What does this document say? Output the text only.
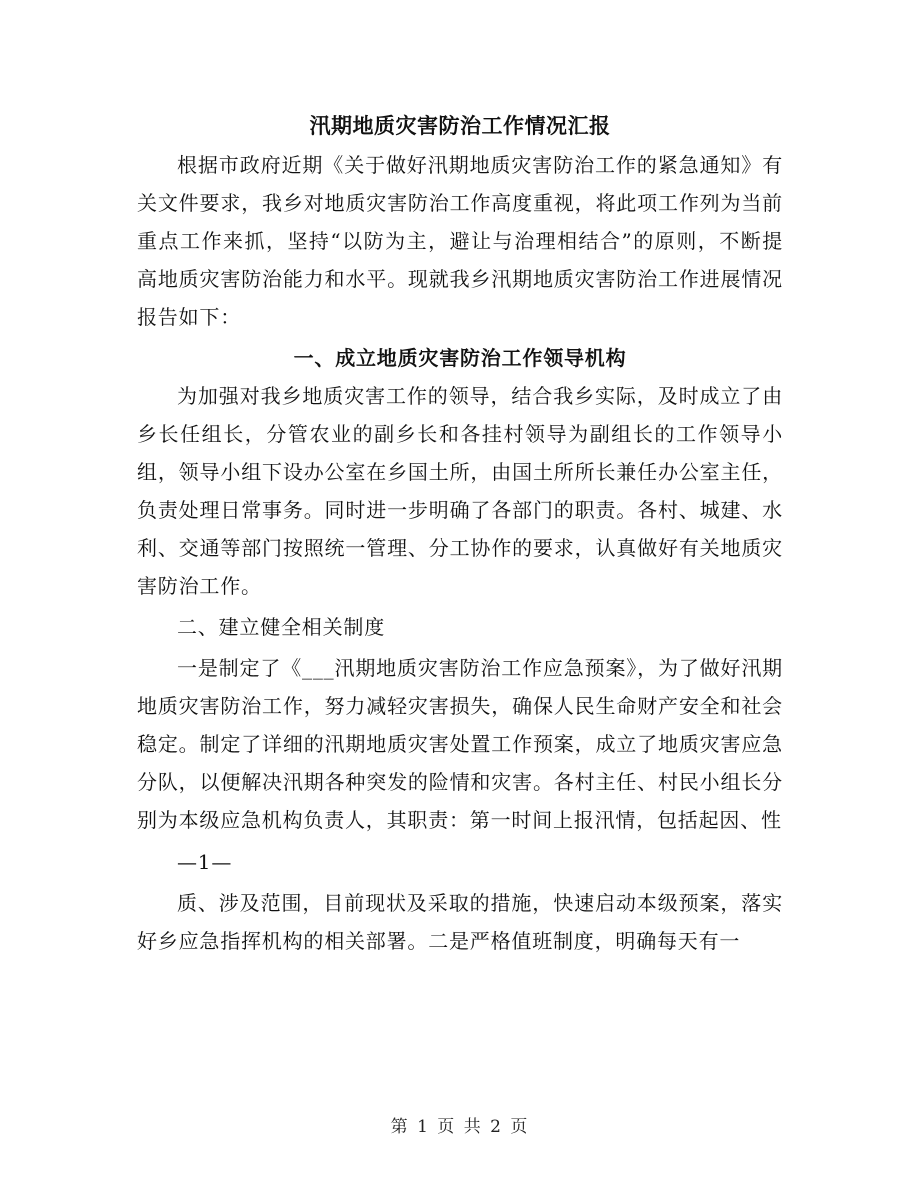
汛期地质灾害防治工作情况汇报

根据市政府近期《关于做好汛期地质灾害防治工作的紧急通知》有关文件要求，我乡对地质灾害防治工作高度重视，将此项工作列为当前重点工作来抓，坚持“以防为主，避让与治理相结合”的原则，不断提高地质灾害防治能力和水平。现就我乡汛期地质灾害防治工作进展情况报告如下：

一、成立地质灾害防治工作领导机构

为加强对我乡地质灾害工作的领导，结合我乡实际，及时成立了由乡长任组长，分管农业的副乡长和各挂村领导为副组长的工作领导小组，领导小组下设办公室在乡国土所，由国土所所长兼任办公室主任，负责处理日常事务。同时进一步明确了各部门的职责。各村、城建、水利、交通等部门按照统一管理、分工协作的要求，认真做好有关地质灾害防治工作。

二、建立健全相关制度

一是制定了《___汛期地质灾害防治工作应急预案》，为了做好汛期地质灾害防治工作，努力减轻灾害损失，确保人民生命财产安全和社会稳定。制定了详细的汛期地质灾害处置工作预案，成立了地质灾害应急分队，以便解决汛期各种突发的险情和灾害。各村主任、村民小组长分别为本级应急机构负责人，其职责：第一时间上报汛情，包括起因、性

—1—

质、涉及范围，目前现状及采取的措施，快速启动本级预案，落实好乡应急指挥机构的相关部署。二是严格值班制度，明确每天有一

第 1 页 共 2 页
